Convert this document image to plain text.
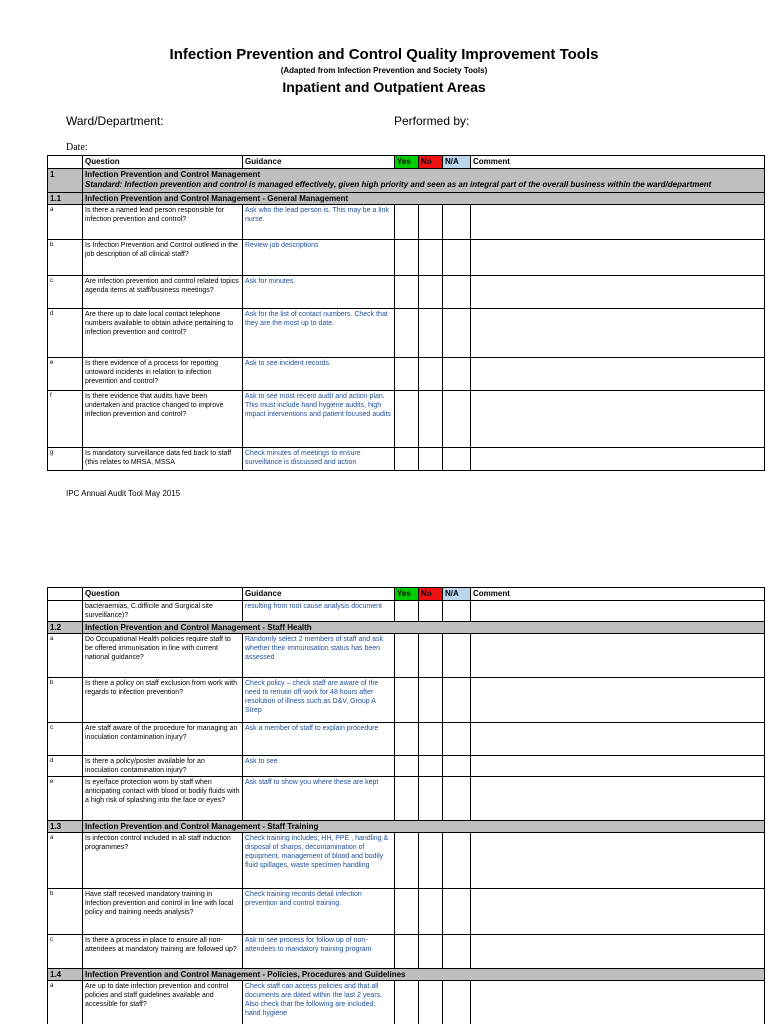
Infection Prevention and Control Quality Improvement Tools
(Adapted from Infection Prevention and Society Tools)
Inpatient and Outpatient Areas
Ward/Department:	Performed by:
Date:
	Question	Guidance	Yes	No	N/A	Comment
1	Infection Prevention and Control Management
Standard: Infection prevention and control is managed effectively, given high priority and seen as an integral part of the overall business within the ward/department					

1.1	Infection Prevention and Control Management - General Management					
a	Is there a named lead person responsible for infection prevention and control?	Ask who the lead person is. This may be a link nurse.				
b	Is Infection Prevention and Control outlined in the job description of all clinical staff?	Review job descriptions				
c	Are infection prevention and control related topics agenda items at staff/business meetings?	Ask for minutes.				
d	Are there up to date local contact telephone numbers available to obtain advice pertaining to infection prevention and control?	Ask for the list of contact numbers. Check that they are the most up to date.				
e	Is there evidence of a process for reporting untoward incidents in relation to infection prevention and control?	Ask to see incident records.				
f	Is there evidence that audits have been undertaken and practice changed to improve infection prevention and control?	Ask to see most recent audit and action plan. This must include hand hygiene audits, high impact interventions and patient focused audits				
g	Is mandatory surveillance data fed back to staff (this relates to MRSA, MSSA	Check minutes of meetings to ensure surveillance is discussed and action				
IPC Annual Audit Tool May 2015
	Question	Guidance	Yes	No	N/A	Comment
	bacteraemias, C.difficile and Surgical site surveillance)?	resulting from root cause analysis document				
1.2	Infection Prevention and Control Management - Staff Health					
a	Do Occupational Health policies require staff to be offered immunisation in line with current national guidance?	Randomly select 2 members of staff and ask whether their immunisation status has been assessed				
b	Is there a policy on staff exclusion from work with regards to infection prevention?	Check policy – check staff are aware of the need to remain off work for 48 hours after resolution of illness such as D&V, Group A Strep				
c	Are staff aware of the procedure for managing an inoculation contamination injury?	Ask a member of staff to explain procedure				
d	Is there a policy/poster available for an inoculation contamination injury?	Ask to see				
e	Is eye/face protection worn by staff when anticipating contact with blood or bodily fluids with a high risk of splashing into the face or eyes?	Ask staff to show you where these are kept				
1.3	Infection Prevention and Control Management - Staff Training					
a	Is infection control included in all staff induction programmes?	Check training includes; HH, PPE , handling & disposal of sharps, decontamination of equipment, management of blood and bodily fluid spillages, waste specimen handling				
b	Have staff received mandatory training in infection prevention and control in line with local policy and training needs analysis?	Check training records detail infection prevention and control training.				
c	Is there a process in place to ensure all non-attendees at mandatory training are followed up?	Ask to see process for follow up of non-attendees to mandatory training program				
1.4	Infection Prevention and Control Management - Policies, Procedures and Guidelines					
a	Are up to date infection prevention and control policies and staff guidelines available and accessible for staff?	Check staff can access policies and that all documents are dated within the last 2 years. Also check that the following are included; hand hygiene				
